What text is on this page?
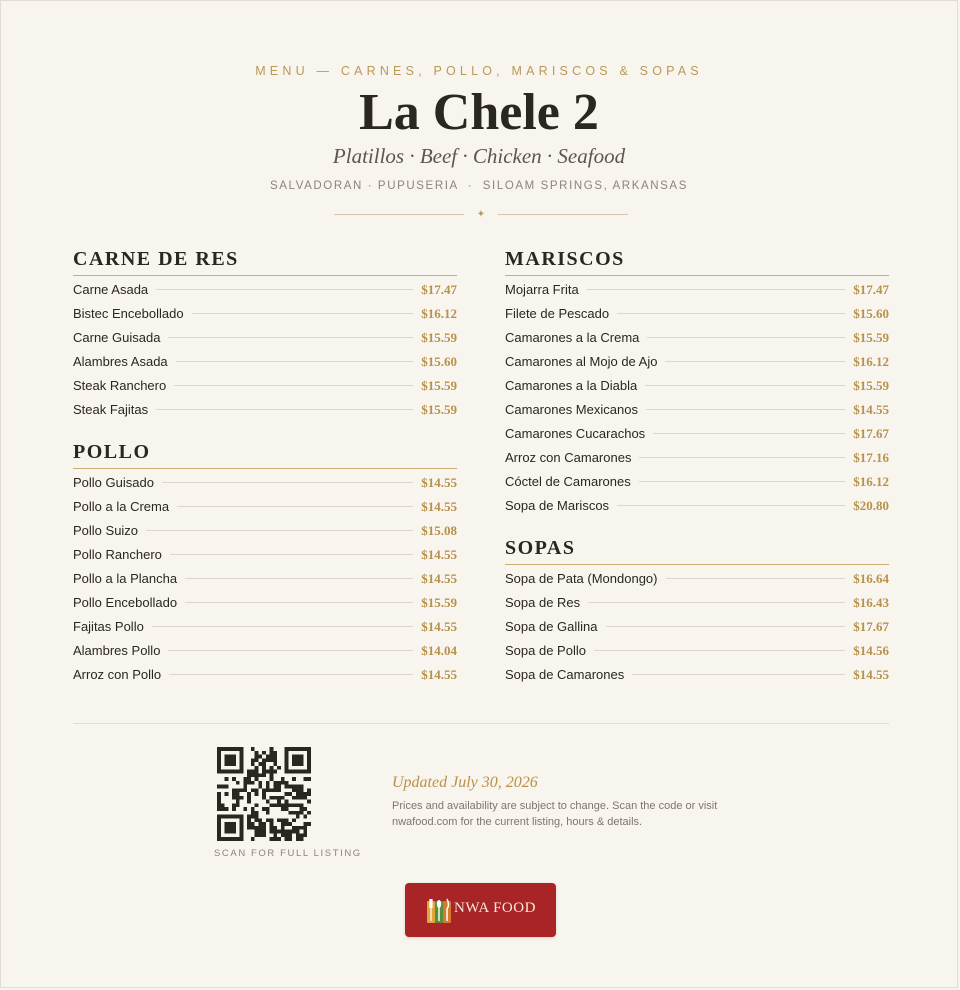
MENU — CARNES, POLLO, MARISCOS & SOPAS
La Chele 2
Platillos · Beef · Chicken · Seafood
SALVADORAN · PUPUSERIA  ·  SILOAM SPRINGS, ARKANSAS
✦
CARNE DE RES
Carne Asada	$17.47
Bistec Encebollado	$16.12
Carne Guisada	$15.59
Alambres Asada	$15.60
Steak Ranchero	$15.59
Steak Fajitas	$15.59
POLLO
Pollo Guisado	$14.55
Pollo a la Crema	$14.55
Pollo Suizo	$15.08
Pollo Ranchero	$14.55
Pollo a la Plancha	$14.55
Pollo Encebollado	$15.59
Fajitas Pollo	$14.55
Alambres Pollo	$14.04
Arroz con Pollo	$14.55
MARISCOS
Mojarra Frita	$17.47
Filete de Pescado	$15.60
Camarones a la Crema	$15.59
Camarones al Mojo de Ajo	$16.12
Camarones a la Diabla	$15.59
Camarones Mexicanos	$14.55
Camarones Cucarachos	$17.67
Arroz con Camarones	$17.16
Cóctel de Camarones	$16.12
Sopa de Mariscos	$20.80
SOPAS
Sopa de Pata (Mondongo)	$16.64
Sopa de Res	$16.43
Sopa de Gallina	$17.67
Sopa de Pollo	$14.56
Sopa de Camarones	$14.55
SCAN FOR FULL LISTING
Updated July 30, 2026
Prices and availability are subject to change. Scan the code or visit nwafood.com for the current listing, hours & details.
NWA FOOD
